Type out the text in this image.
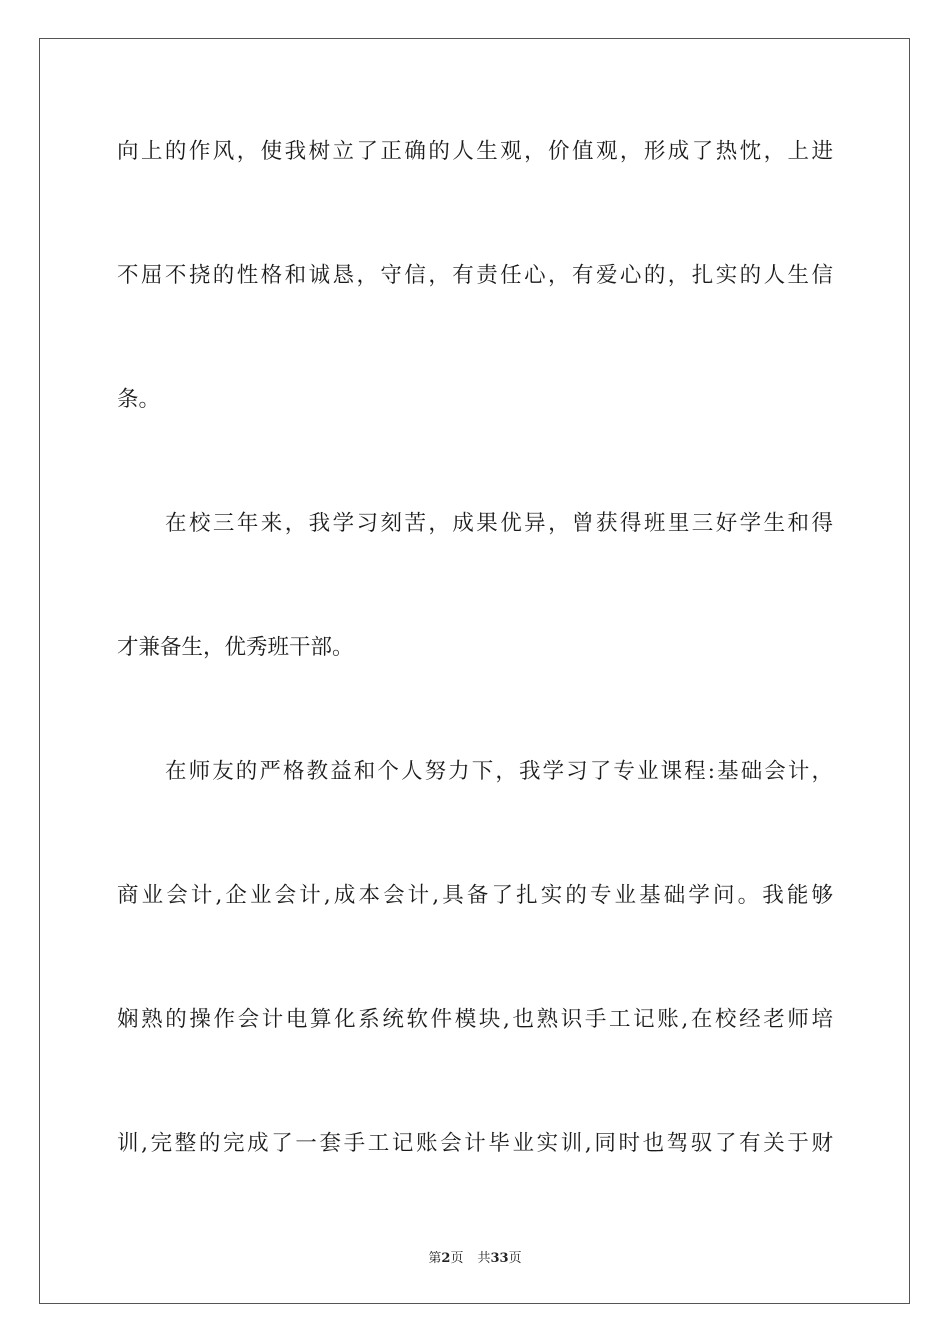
向上的作风，使我树立了正确的人生观，价值观，形成了热忱，上进
不屈不挠的性格和诚恳，守信，有责任心，有爱心的，扎实的人生信
条。
在校三年来，我学习刻苦，成果优异，曾获得班里三好学生和得
才兼备生，优秀班干部。
在师友的严格教益和个人努力下，我学习了专业课程:基础会计，
商业会计,企业会计,成本会计,具备了扎实的专业基础学问。我能够
娴熟的操作会计电算化系统软件模块,也熟识手工记账,在校经老师培
训,完整的完成了一套手工记账会计毕业实训,同时也驾驭了有关于财
第2页 共33页
